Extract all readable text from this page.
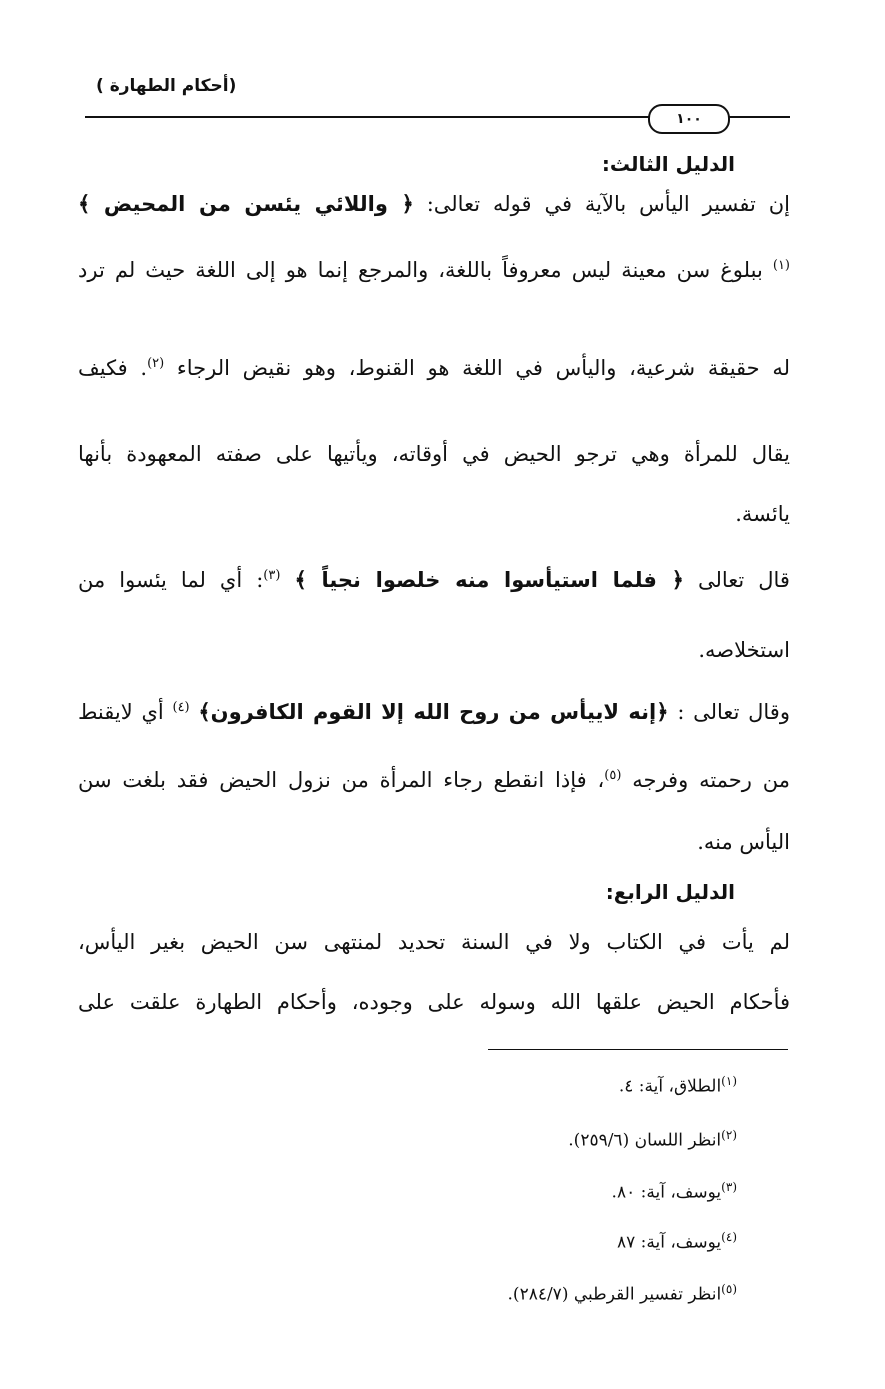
(أحكام الطهارة )
١٠٠
الدليل الثالث:
إن تفسير اليأس بالآية في قوله تعالى: ﴿ واللائي يئسن من المحيض ﴾
$^{(١)}$ ببلوغ سن معينة ليس معروفاً باللغة، والمرجع إنما هو إلى اللغة حيث لم ترد
له حقيقة شرعية، واليأس في اللغة هو القنوط، وهو نقيض الرجاء $^{(٢)}$. فكيف
يقال للمرأة وهي ترجو الحيض في أوقاته، ويأتيها على صفته المعهودة بأنها
يائسة.
قال تعالى ﴿ فلما استيأسوا منه خلصوا نجياً ﴾ $^{(٣)}$: أي لما يئسوا من
استخلاصه.
وقال تعالى : ﴿إنه لاييأس من روح الله إلا القوم الكافرون﴾ $^{(٤)}$ أي لايقنط
من رحمته وفرجه $^{(٥)}$، فإذا انقطع رجاء المرأة من نزول الحيض فقد بلغت سن
اليأس منه.
الدليل الرابع:
لم يأت في الكتاب ولا في السنة تحديد لمنتهى سن الحيض بغير اليأس،
فأحكام الحيض علقها الله وسوله على وجوده، وأحكام الطهارة علقت على
$^{(١)}$الطلاق، آية: ٤.
$^{(٢)}$انظر اللسان (٢٥٩/٦).
$^{(٣)}$يوسف، آية: ٨٠.
$^{(٤)}$يوسف، آية: ٨٧
$^{(٥)}$انظر تفسير القرطبي (٢٨٤/٧).
